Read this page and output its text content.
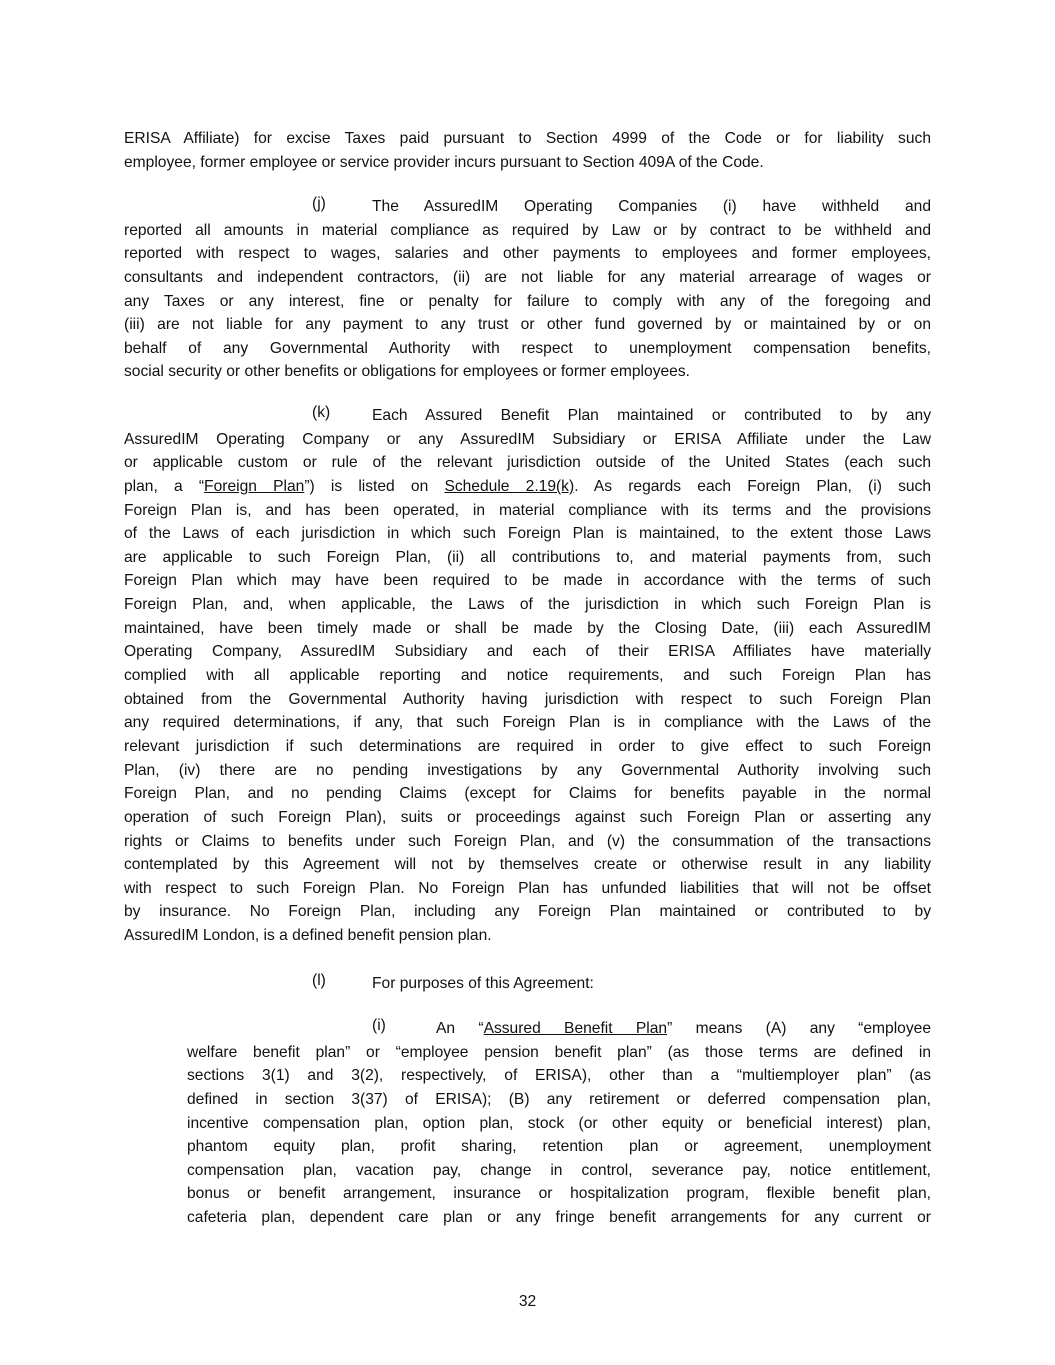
ERISA Affiliate) for excise Taxes paid pursuant to Section 4999 of the Code or for liability such
employee, former employee or service provider incurs pursuant to Section 409A of the Code.
(j)	The AssuredIM Operating Companies (i) have withheld and
reported all amounts in material compliance as required by Law or by contract to be withheld and
reported with respect to wages, salaries and other payments to employees and former employees,
consultants and independent contractors, (ii) are not liable for any material arrearage of wages or
any Taxes or any interest, fine or penalty for failure to comply with any of the foregoing and
(iii) are not liable for any payment to any trust or other fund governed by or maintained by or on
behalf of any Governmental Authority with respect to unemployment compensation benefits,
social security or other benefits or obligations for employees or former employees.
(k)	Each Assured Benefit Plan maintained or contributed to by any
AssuredIM Operating Company or any AssuredIM Subsidiary or ERISA Affiliate under the Law
or applicable custom or rule of the relevant jurisdiction outside of the United States (each such
plan, a “Foreign Plan”) is listed on Schedule 2.19(k). As regards each Foreign Plan, (i) such
Foreign Plan is, and has been operated, in material compliance with its terms and the provisions
of the Laws of each jurisdiction in which such Foreign Plan is maintained, to the extent those Laws
are applicable to such Foreign Plan, (ii) all contributions to, and material payments from, such
Foreign Plan which may have been required to be made in accordance with the terms of such
Foreign Plan, and, when applicable, the Laws of the jurisdiction in which such Foreign Plan is
maintained, have been timely made or shall be made by the Closing Date, (iii) each AssuredIM
Operating Company, AssuredIM Subsidiary and each of their ERISA Affiliates have materially
complied with all applicable reporting and notice requirements, and such Foreign Plan has
obtained from the Governmental Authority having jurisdiction with respect to such Foreign Plan
any required determinations, if any, that such Foreign Plan is in compliance with the Laws of the
relevant jurisdiction if such determinations are required in order to give effect to such Foreign
Plan, (iv) there are no pending investigations by any Governmental Authority involving such
Foreign Plan, and no pending Claims (except for Claims for benefits payable in the normal
operation of such Foreign Plan), suits or proceedings against such Foreign Plan or asserting any
rights or Claims to benefits under such Foreign Plan, and (v) the consummation of the transactions
contemplated by this Agreement will not by themselves create or otherwise result in any liability
with respect to such Foreign Plan. No Foreign Plan has unfunded liabilities that will not be offset
by insurance. No Foreign Plan, including any Foreign Plan maintained or contributed to by
AssuredIM London, is a defined benefit pension plan.
(l)	For purposes of this Agreement:
(i)	An “Assured Benefit Plan” means (A) any “employee
welfare benefit plan” or “employee pension benefit plan” (as those terms are defined in
sections 3(1) and 3(2), respectively, of ERISA), other than a “multiemployer plan” (as
defined in section 3(37) of ERISA); (B) any retirement or deferred compensation plan,
incentive compensation plan, option plan, stock (or other equity or beneficial interest) plan,
phantom equity plan, profit sharing, retention plan or agreement, unemployment
compensation plan, vacation pay, change in control, severance pay, notice entitlement,
bonus or benefit arrangement, insurance or hospitalization program, flexible benefit plan,
cafeteria plan, dependent care plan or any fringe benefit arrangements for any current or
32
